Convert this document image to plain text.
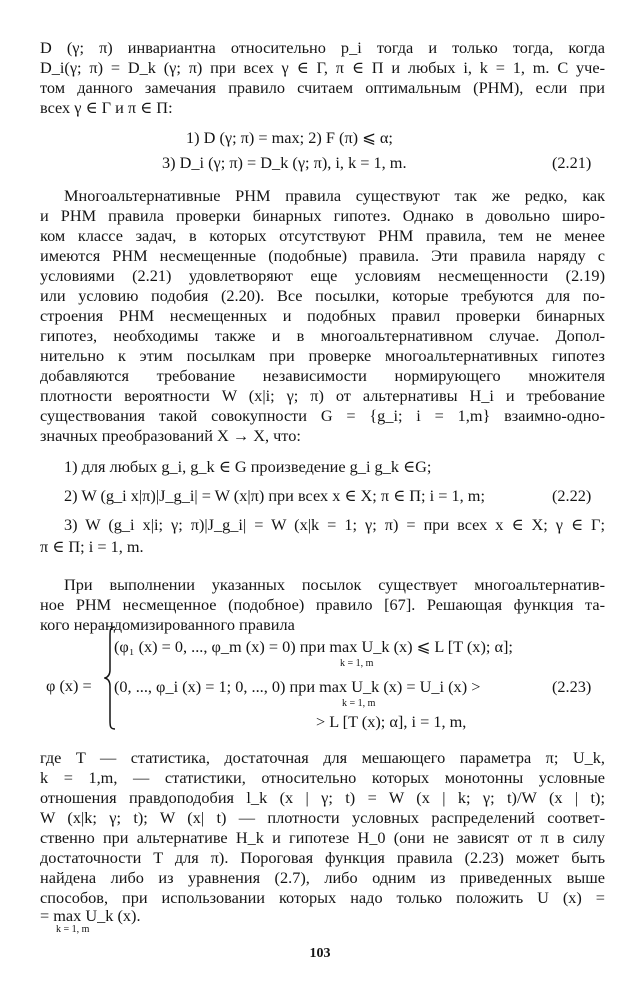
D (γ; π) инвариантна относительно p_i тогда и только тогда, когда
D_i(γ; π) = D_k (γ; π) при всех γ ∈ Γ, π ∈ Π и любых i, k = 1, m. С уче-
том данного замечания правило считаем оптимальным (РНМ), если при
всех γ ∈ Γ и π ∈ Π:
1) D (γ; π) = max; 2) F (π) ⩽ α;
3) D_i (γ; π) = D_k (γ; π), i, k = 1, m.	(2.21)
Многоальтернативные РНМ правила существуют так же редко, как
и РНМ правила проверки бинарных гипотез. Однако в довольно широ-
ком классе задач, в которых отсутствуют РНМ правила, тем не менее
имеются РНМ несмещенные (подобные) правила. Эти правила наряду с
условиями (2.21) удовлетворяют еще условиям несмещенности (2.19)
или условию подобия (2.20). Все посылки, которые требуются для по-
строения РНМ несмещенных и подобных правил проверки бинарных
гипотез, необходимы также и в многоальтернативном случае. Допол-
нительно к этим посылкам при проверке многоальтернативных гипотез
добавляются требование независимости нормирующего множителя
плотности вероятности W (x|i; γ; π) от альтернативы H_i и требование
существования такой совокупности G = {g_i; i = 1,m} взаимно-одно-
значных преобразований X → X, что:
1) для любых g_i, g_k ∈ G произведение g_i g_k ∈G;
2) W (g_i x|π)|J_g_i| = W (x|π) при всех x ∈ X; π ∈ Π; i = 1, m;	(2.22)
3) W (g_i x|i; γ; π)|J_g_i| = W (x|k = 1; γ; π) = при всех x ∈ X; γ ∈ Γ;
π ∈ Π; i = 1, m.
При выполнении указанных посылок существует многоальтернатив-
ное РНМ несмещенное (подобное) правило [67]. Решающая функция та-
кого нерандомизированного правила
φ (x) =
(φ₁ (x) = 0, ..., φ_m (x) = 0) при max U_k (x) ⩽ L [T (x); α];
k = 1, m
(0, ..., φ_i (x) = 1; 0, ..., 0) при max U_k (x) = U_i (x) >
k = 1, m
> L [T (x); α], i = 1, m,
(2.23)
где T — статистика, достаточная для мешающего параметра π; U_k,
k = 1,m, — статистики, относительно которых монотонны условные
отношения правдоподобия l_k (x | γ; t) = W (x | k; γ; t)/W (x | t);
W (x|k; γ; t); W (x| t) — плотности условных распределений соответ-
ственно при альтернативе H_k и гипотезе H_0 (они не зависят от π в силу
достаточности T для π). Пороговая функция правила (2.23) может быть
найдена либо из уравнения (2.7), либо одним из приведенных выше
способов, при использовании которых надо только положить U (x) =
= max U_k (x).
k = 1, m
103
